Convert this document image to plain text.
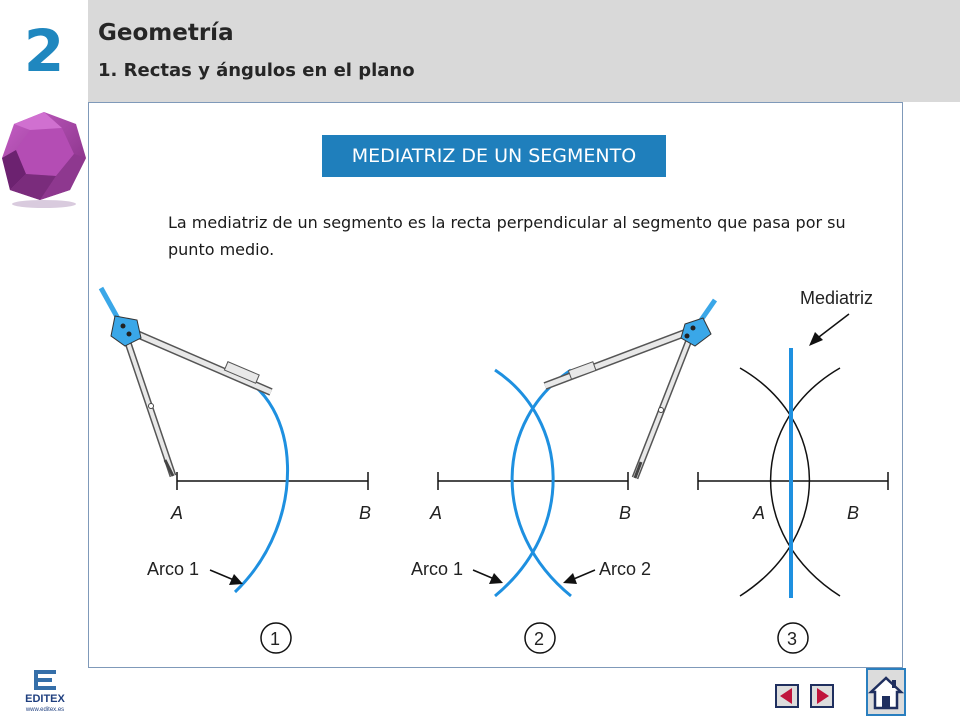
2	Geometría
1. Rectas y ángulos en el plano
MEDIATRIZ DE UN SEGMENTO
La mediatriz de un segmento es la recta perpendicular al segmento que pasa por su punto medio.
A	B
Arco 1
1
A	B
Arco 1	Arco 2
2
A	B
Mediatriz
3
EDITEX
www.editex.es
